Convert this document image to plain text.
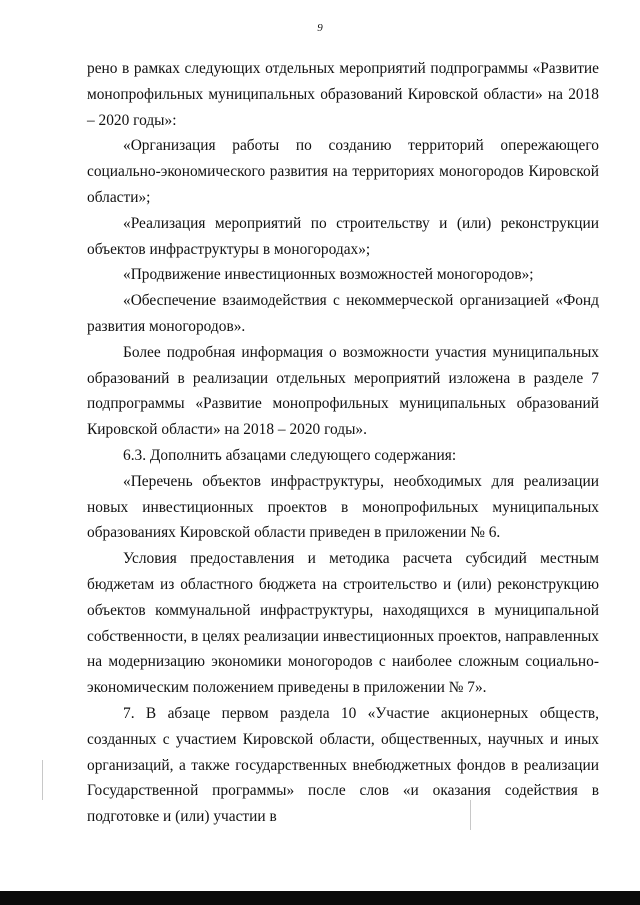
9

рено в рамках следующих отдельных мероприятий подпрограммы «Развитие монопрофильных муниципальных образований Кировской области» на 2018 – 2020 годы»:

«Организация работы по созданию территорий опережающего социально-экономического развития на территориях моногородов Кировской области»;

«Реализация мероприятий по строительству и (или) реконструкции объектов инфраструктуры в моногородах»;

«Продвижение инвестиционных возможностей моногородов»;

«Обеспечение взаимодействия с некоммерческой организацией «Фонд развития моногородов».

Более подробная информация о возможности участия муниципальных образований в реализации отдельных мероприятий изложена в разделе 7 подпрограммы «Развитие монопрофильных муниципальных образований Кировской области» на 2018 – 2020 годы».

6.3. Дополнить абзацами следующего содержания:

«Перечень объектов инфраструктуры, необходимых для реализации новых инвестиционных проектов в монопрофильных муниципальных образованиях Кировской области приведен в приложении № 6.

Условия предоставления и методика расчета субсидий местным бюджетам из областного бюджета на строительство и (или) реконструкцию объектов коммунальной инфраструктуры, находящихся в муниципальной собственности, в целях реализации инвестиционных проектов, направленных на модернизацию экономики моногородов с наиболее сложным социально-экономическим положением приведены в приложении № 7».

7. В абзаце первом раздела 10 «Участие акционерных обществ, созданных с участием Кировской области, общественных, научных и иных организаций, а также государственных внебюджетных фондов в реализации Государственной программы» после слов «и оказания содействия в подготовке и (или) участии в
